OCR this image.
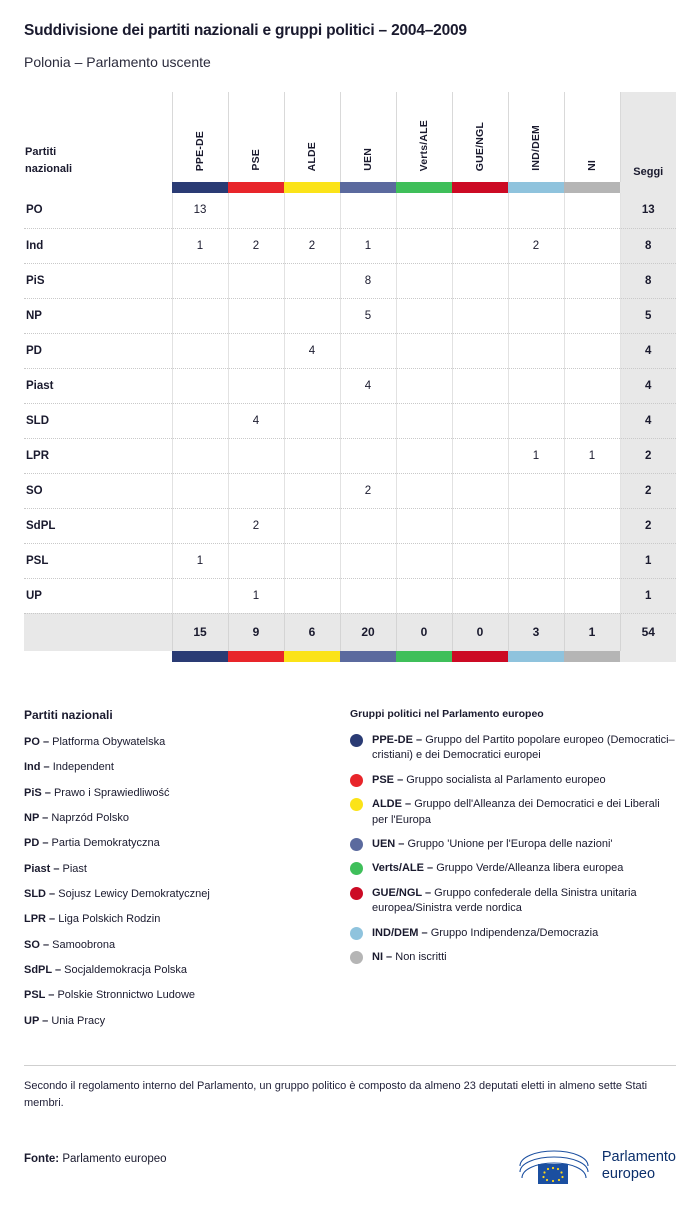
Suddivisione dei partiti nazionali e gruppi politici – 2004–2009
Polonia – Parlamento uscente
Partiti
nazionali	PPE-DE	PSE	ALDE	UEN	Verts/ALE	GUE/NGL	IND/DEM	NI	Seggi

PO	13								13
Ind	1	2	2	1			2		8
PiS				8					8
NP				5					5
PD			4						4
Piast				4					4
SLD		4							4
LPR							1	1	2
SO				2					2
SdPL		2							2
PSL	1								1
UP		1							1
	15	9	6	20	0	0	3	1	54

Partiti nazionali
PO – Platforma Obywatelska
Ind – Independent
PiS – Prawo i Sprawiedliwość
NP – Naprzód Polsko
PD – Partia Demokratyczna
Piast – Piast
SLD – Sojusz Lewicy Demokratycznej
LPR – Liga Polskich Rodzin
SO – Samoobrona
SdPL – Socjaldemokracja Polska
PSL – Polskie Stronnictwo Ludowe
UP – Unia Pracy
Gruppi politici nel Parlamento europeo
PPE-DE – Gruppo del Partito popolare europeo (Democratici–cristiani) e dei Democratici europei
PSE – Gruppo socialista al Parlamento europeo
ALDE – Gruppo dell'Alleanza dei Democratici e dei Liberali per l'Europa
UEN – Gruppo 'Unione per l'Europa delle nazioni'
Verts/ALE – Gruppo Verde/Alleanza libera europea
GUE/NGL – Gruppo confederale della Sinistra unitaria europea/Sinistra verde nordica
IND/DEM – Gruppo Indipendenza/Democrazia
NI – Non iscritti
Secondo il regolamento interno del Parlamento, un gruppo politico è composto da almeno 23 deputati eletti in almeno sette Stati membri.
Fonte: Parlamento europeo	Parlamento
europeo
